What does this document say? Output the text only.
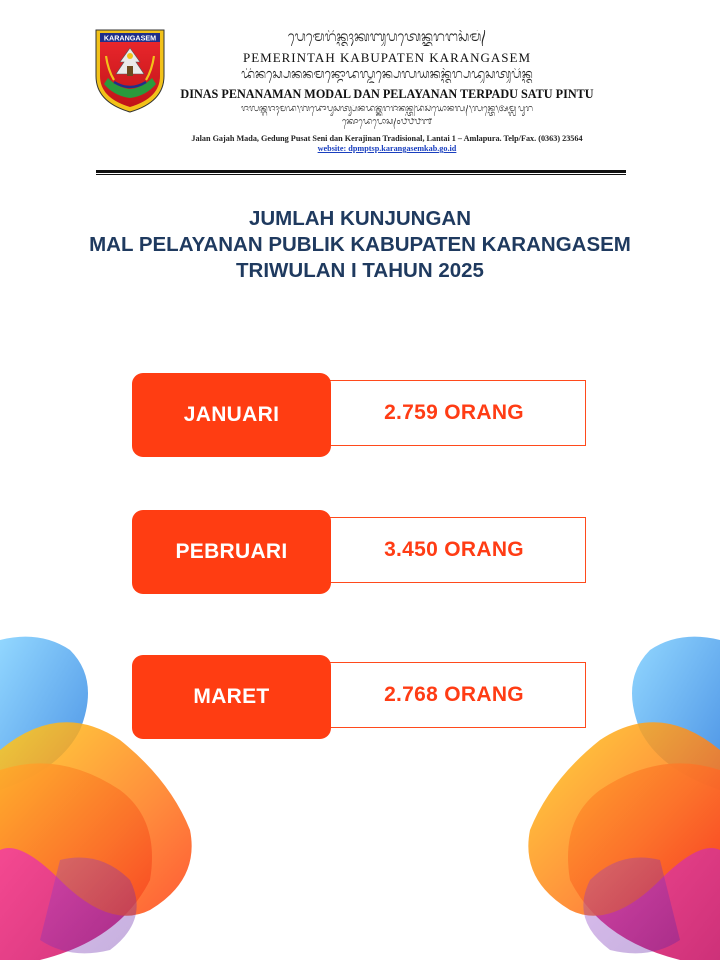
KARANGASEM	ᬧᬾᬫᬾᬭᬶᬦ᭄ᬢᬄᬓᬩᬸᬧᬢᬾᬦ᭄ᬓᬭᬗᬲᭂᬫ᭄
PEMERINTAH KABUPATEN KARANGASEM
ᬤᬶᬦᬲ᭄ᬧᬾᬦᬦᬫᬦ᭄ᬫᭀᬤᬮ᭄ᬤᬦ᭄ᬧᬾᬮᬬᬦᬦ᭄ᬢᭂᬭ᭄ᬧᬤᬸᬲᬢᬸᬧᬶᬦ᭄ᬢᬸ
DINAS PENANAMAN MODAL DAN PELAYANAN TERPADU SATU PINTU
ᬚᬮᬦ᭄ᬕᬚᬄᬫᬤ᭞ᬕᭂᬤᭀᬂᬧᬸᬲᬢ᭄ᬲᭂᬦᬶᬤᬦ᭄ᬓᭂᬭᬚᬶᬦᬦ᭄ᬢ᭄ᬭᬤᬶᬲᬶᬬᭀᬦᬮ᭄᭞ᬮᬦ᭄ᬢᬾ᭞ᬅᬫ᭄ᬮᬧᬸᬭ
ᬓᭀᬤᬾᬧᭀᬲ᭄᭐᭘᭘᭘᭑
Jalan Gajah Mada, Gedung Pusat Seni dan Kerajinan Tradisional, Lantai 1 – Amlapura. Telp/Fax. (0363) 23564
website: dpmptsp.karangasemkab.go.id
JUMLAH KUNJUNGAN
MAL PELAYANAN PUBLIK KABUPATEN KARANGASEM
TRIWULAN I TAHUN 2025
2.759 ORANG
JANUARI
3.450 ORANG
PEBRUARI
2.768 ORANG
MARET
